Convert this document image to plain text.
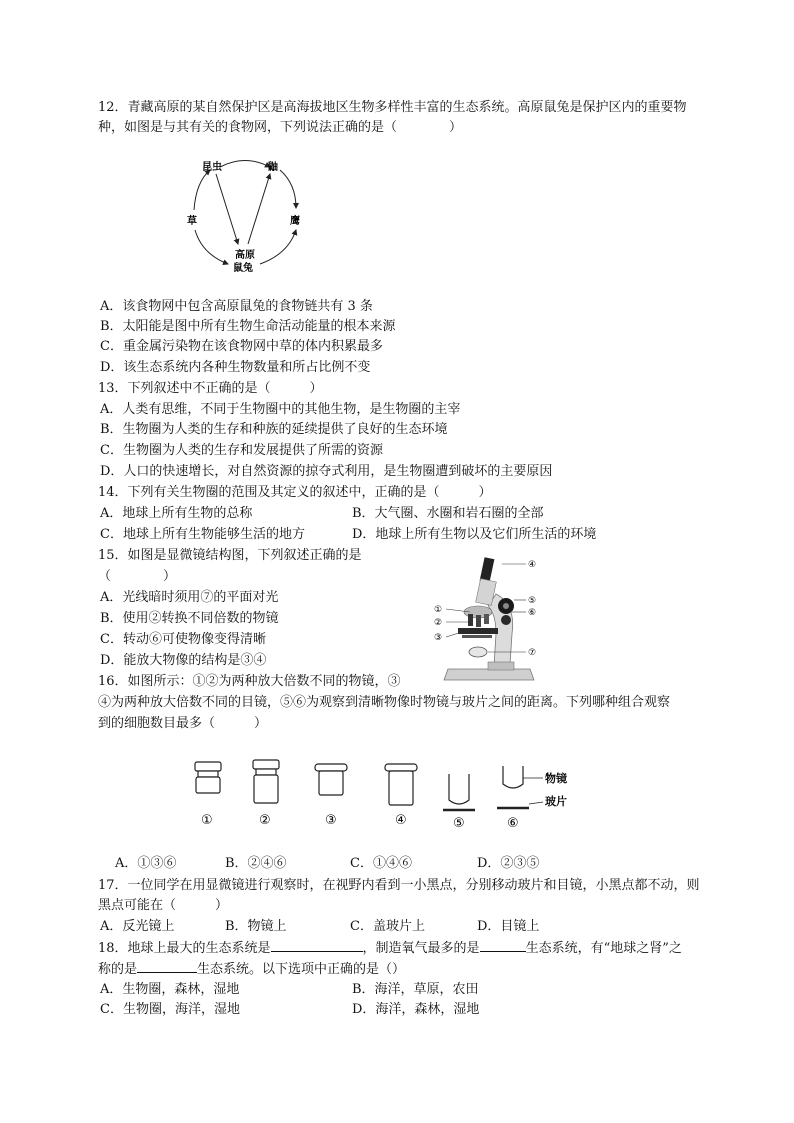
12．青藏高原的某自然保护区是高海拔地区生物多样性丰富的生态系统。高原鼠兔是保护区内的重要物
种，如图是与其有关的食物网，下列说法正确的是（　　　　）
昆虫	鼬
草	鹰
高原
鼠兔
A．该食物网中包含高原鼠兔的食物链共有 3 条
B．太阳能是图中所有生物生命活动能量的根本来源
C．重金属污染物在该食物网中草的体内积累最多
D．该生态系统内各种生物数量和所占比例不变
13．下列叙述中不正确的是（　　　）
A．人类有思维，不同于生物圈中的其他生物，是生物圈的主宰
B．生物圈为人类的生存和种族的延续提供了良好的生态环境
C．生物圈为人类的生存和发展提供了所需的资源
D．人口的快速增长，对自然资源的掠夺式利用，是生物圈遭到破坏的主要原因
14．下列有关生物圈的范围及其定义的叙述中，正确的是（　　　）
A．地球上所有生物的总称	B．大气圈、水圈和岩石圈的全部
C．地球上所有生物能够生活的地方	D．地球上所有生物以及它们所生活的环境
15．如图是显微镜结构图，下列叙述正确的是
（　　　　）
A．光线暗时须用⑦的平面对光
B．使用②转换不同倍数的物镜
C．转动⑥可使物像变得清晰
D．能放大物像的结构是③④
①
②
③
④
⑤
⑥
⑦
16．如图所示：①②为两种放大倍数不同的物镜，③
④为两种放大倍数不同的目镜，⑤⑥为观察到清晰物像时物镜与玻片之间的距离。下列哪种组合观察
到的细胞数目最多（　　　）
物镜
玻片
①	②	③	④	⑤	⑥
A．①③⑥	B．②④⑥	C．①④⑥	D．②③⑤
17．一位同学在用显微镜进行观察时，在视野内看到一小黑点，分别移动玻片和目镜，小黑点都不动，则
黑点可能在（　　　）
A．反光镜上	B．物镜上	C．盖玻片上	D．目镜上
18．地球上最大的生态系统是	，制造氧气最多的是	生态系统，有“地球之肾”之
称的是	生态系统。以下选项中正确的是（）
A．生物圈，森林，湿地	B．海洋，草原，农田
C．生物圈，海洋，湿地	D．海洋，森林，湿地
